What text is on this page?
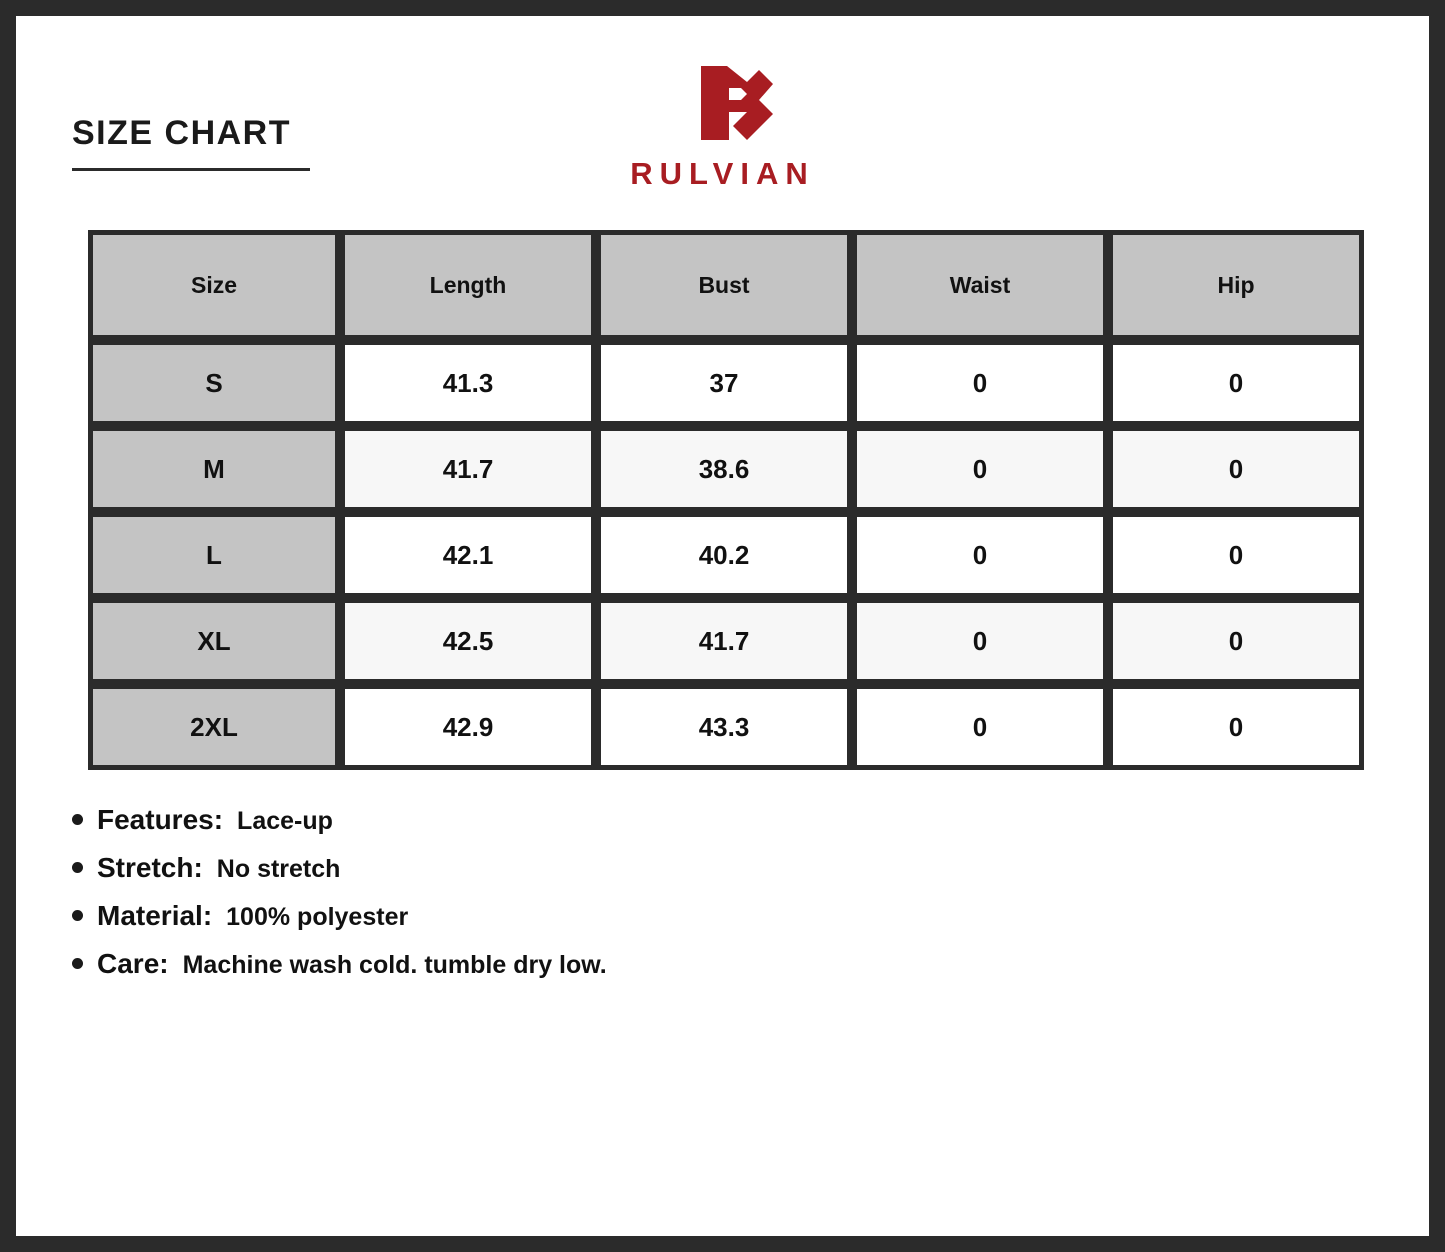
SIZE CHART
RULVIAN
Size	Length	Bust	Waist	Hip
S	41.3	37	0	0
M	41.7	38.6	0	0
L	42.1	40.2	0	0
XL	42.5	41.7	0	0
2XL	42.9	43.3	0	0
Features: Lace-up
Stretch: No stretch
Material: 100% polyester
Care: Machine wash cold. tumble dry low.
